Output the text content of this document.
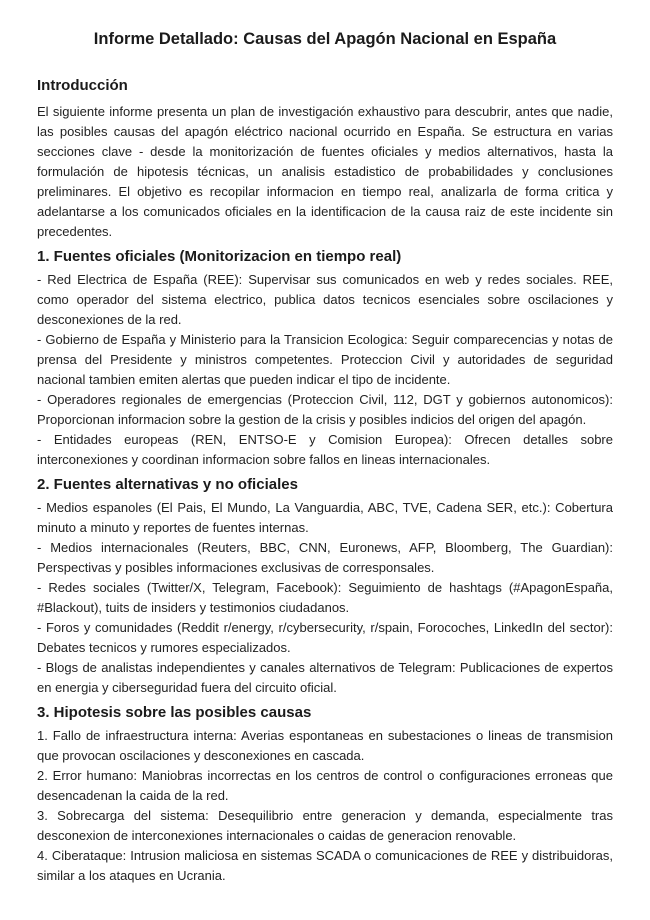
Informe Detallado: Causas del Apagón Nacional en España
Introducción

El siguiente informe presenta un plan de investigación exhaustivo para descubrir, antes que nadie, las posibles causas del apagón eléctrico nacional ocurrido en España. Se estructura en varias secciones clave - desde la monitorización de fuentes oficiales y medios alternativos, hasta la formulación de hipotesis técnicas, un analisis estadistico de probabilidades y conclusiones preliminares. El objetivo es recopilar informacion en tiempo real, analizarla de forma critica y adelantarse a los comunicados oficiales en la identificacion de la causa raiz de este incidente sin precedentes.

1. Fuentes oficiales (Monitorizacion en tiempo real)

- Red Electrica de España (REE): Supervisar sus comunicados en web y redes sociales. REE, como operador del sistema electrico, publica datos tecnicos esenciales sobre oscilaciones y desconexiones de la red.

- Gobierno de España y Ministerio para la Transicion Ecologica: Seguir comparecencias y notas de prensa del Presidente y ministros competentes. Proteccion Civil y autoridades de seguridad nacional tambien emiten alertas que pueden indicar el tipo de incidente.

- Operadores regionales de emergencias (Proteccion Civil, 112, DGT y gobiernos autonomicos): Proporcionan informacion sobre la gestion de la crisis y posibles indicios del origen del apagón.

- Entidades europeas (REN, ENTSO-E y Comision Europea): Ofrecen detalles sobre interconexiones y coordinan informacion sobre fallos en lineas internacionales.

2. Fuentes alternativas y no oficiales

- Medios espanoles (El Pais, El Mundo, La Vanguardia, ABC, TVE, Cadena SER, etc.): Cobertura minuto a minuto y reportes de fuentes internas.

- Medios internacionales (Reuters, BBC, CNN, Euronews, AFP, Bloomberg, The Guardian): Perspectivas y posibles informaciones exclusivas de corresponsales.

- Redes sociales (Twitter/X, Telegram, Facebook): Seguimiento de hashtags (#ApagonEspaña, #Blackout), tuits de insiders y testimonios ciudadanos.

- Foros y comunidades (Reddit r/energy, r/cybersecurity, r/spain, Forocoches, LinkedIn del sector): Debates tecnicos y rumores especializados.

- Blogs de analistas independientes y canales alternativos de Telegram: Publicaciones de expertos en energia y ciberseguridad fuera del circuito oficial.

3. Hipotesis sobre las posibles causas

1. Fallo de infraestructura interna: Averias espontaneas en subestaciones o lineas de transmision que provocan oscilaciones y desconexiones en cascada.

2. Error humano: Maniobras incorrectas en los centros de control o configuraciones erroneas que desencadenan la caida de la red.

3. Sobrecarga del sistema: Desequilibrio entre generacion y demanda, especialmente tras desconexion de interconexiones internacionales o caidas de generacion renovable.

4. Ciberataque: Intrusion maliciosa en sistemas SCADA o comunicaciones de REE y distribuidoras, similar a los ataques en Ucrania.
